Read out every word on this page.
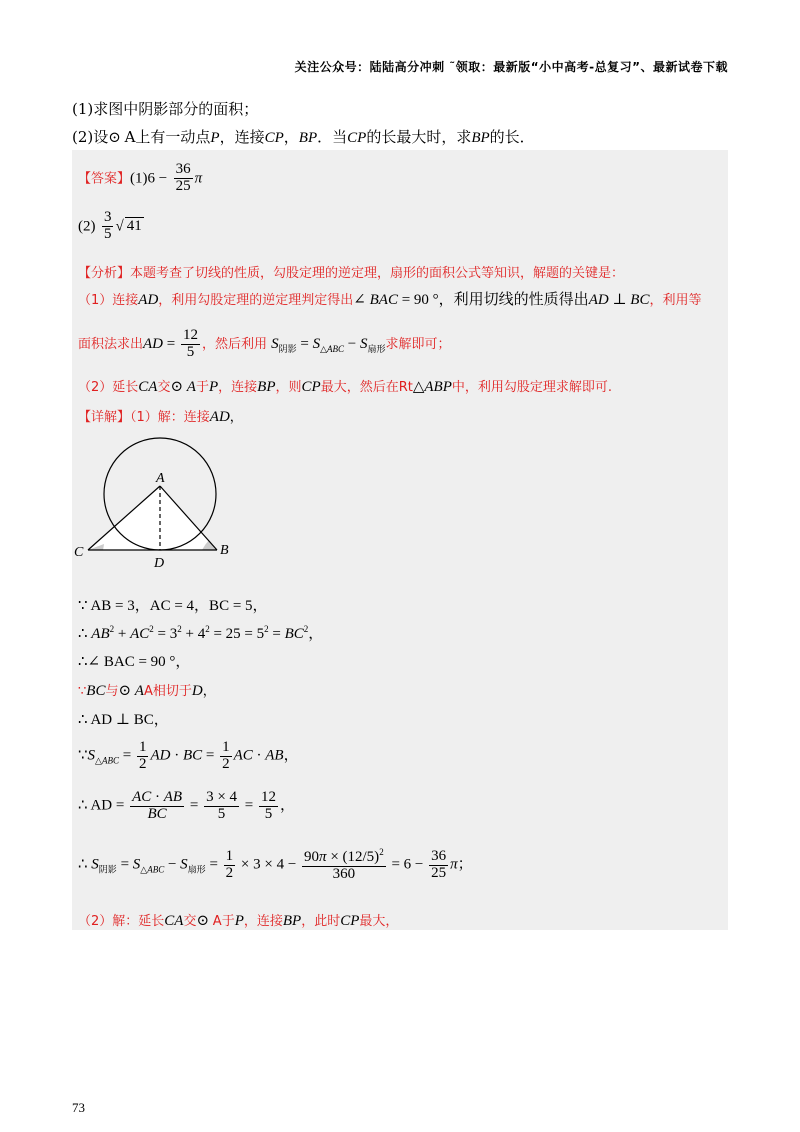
关注公众号：陆陆高分冲刺 ˜领取：最新版“小中高考-总复习”、最新试卷下载
(1)求图中阴影部分的面积；
(2)设⊙ A上有一动点P，连接CP，BP．当CP的长最大时，求BP的长．
【答案】$(1)6 - \frac{36}{25}$ π
$(2) \frac{3}{5}$ √ 41
【分析】本题考查了切线的性质，勾股定理的逆定理，扇形的面积公式等知识，解题的关键是：
（1）连接AD，利用勾股定理的逆定理判定得出∠ BAC = 90 °，利用切线的性质得出AD ⊥ BC，利用等
面积法求出AD = $\frac{12}{5}$ ，然后利用 $S_{阴影} = S_{\triangle ABC} - S_{扇形}$求解即可；
（2）延长CA交⊙ A于P，连接BP，则CP最大，然后在Rt△ABP中，利用勾股定理求解即可.
【详解】（1）解：连接AD，
∵ AB = 3，AC = 4，BC = 5，
∴ $AB^2 + AC^2 = 3^2 + 4^2 = 25 = 5^2 = BC^2$，
∴∠ BAC = 90 °，
∵BC与⊙ AA相切于D，
∴ AD ⊥ BC，
$\because S_{\triangle ABC} = \frac{1}{2}$ AD · BC = $\frac{1}{2}$ AC · AB，
∴ AD = $\frac{AC \cdot AB}{BC} = \frac{3 \times 4}{5} = \frac{12}{5}$ ，
∴ $S_{阴影} = S_{\triangle ABC} - S_{扇形} = \frac{1}{2} \times 3 \times 4 - \frac{90\pi \times (12/5)^2}{360} = 6 - \frac{36}{25}$ π；
（2）解：延长CA交⊙ A于P，连接BP，此时CP最大，
A
B
C
D
73
